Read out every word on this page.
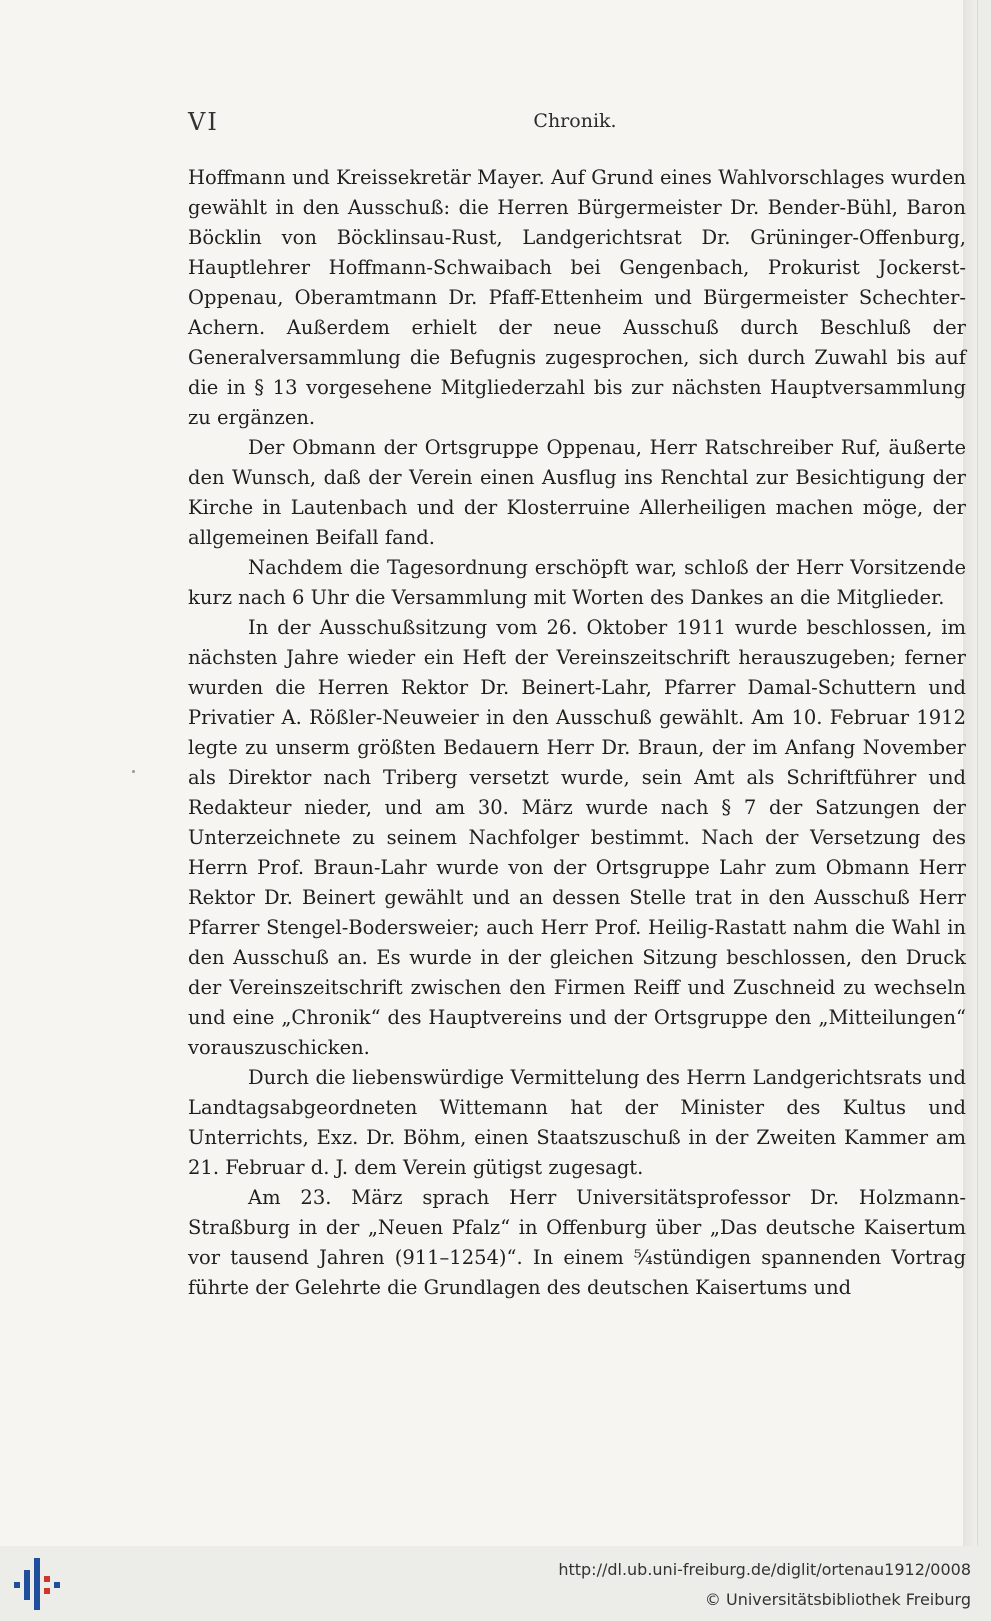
VI	Chronik.

Hoffmann und Kreissekretär Mayer. Auf Grund eines Wahlvorschlages wurden gewählt in den Ausschuß: die Herren Bürgermeister Dr. Bender-Bühl, Baron Böcklin von Böcklinsau-Rust, Landgerichtsrat Dr. Grüninger-Offenburg, Hauptlehrer Hoffmann-Schwaibach bei Gengenbach, Prokurist Jockerst-Oppenau, Oberamtmann Dr. Pfaff-Ettenheim und Bürgermeister Schechter-Achern. Außerdem erhielt der neue Ausschuß durch Beschluß der Generalversammlung die Befugnis zugesprochen, sich durch Zuwahl bis auf die in § 13 vorgesehene Mitgliederzahl bis zur nächsten Hauptversammlung zu ergänzen.

Der Obmann der Ortsgruppe Oppenau, Herr Ratschreiber Ruf, äußerte den Wunsch, daß der Verein einen Ausflug ins Renchtal zur Besichtigung der Kirche in Lautenbach und der Klosterruine Allerheiligen machen möge, der allgemeinen Beifall fand.

Nachdem die Tagesordnung erschöpft war, schloß der Herr Vorsitzende kurz nach 6 Uhr die Versammlung mit Worten des Dankes an die Mitglieder.

In der Ausschußsitzung vom 26. Oktober 1911 wurde beschlossen, im nächsten Jahre wieder ein Heft der Vereinszeitschrift herauszugeben; ferner wurden die Herren Rektor Dr. Beinert-Lahr, Pfarrer Damal-Schuttern und Privatier A. Rößler-Neuweier in den Ausschuß gewählt. Am 10. Februar 1912 legte zu unserm größten Bedauern Herr Dr. Braun, der im Anfang November als Direktor nach Triberg versetzt wurde, sein Amt als Schriftführer und Redakteur nieder, und am 30. März wurde nach § 7 der Satzungen der Unterzeichnete zu seinem Nachfolger bestimmt. Nach der Versetzung des Herrn Prof. Braun-Lahr wurde von der Ortsgruppe Lahr zum Obmann Herr Rektor Dr. Beinert gewählt und an dessen Stelle trat in den Ausschuß Herr Pfarrer Stengel-Bodersweier; auch Herr Prof. Heilig-Rastatt nahm die Wahl in den Ausschuß an. Es wurde in der gleichen Sitzung beschlossen, den Druck der Vereinszeitschrift zwischen den Firmen Reiff und Zuschneid zu wechseln und eine „Chronik“ des Hauptvereins und der Ortsgruppe den „Mitteilungen“ vorauszuschicken.

Durch die liebenswürdige Vermittelung des Herrn Landgerichtsrats und Landtagsabgeordneten Wittemann hat der Minister des Kultus und Unterrichts, Exz. Dr. Böhm, einen Staatszuschuß in der Zweiten Kammer am 21. Februar d. J. dem Verein gütigst zugesagt.

Am 23. März sprach Herr Universitätsprofessor Dr. Holzmann-Straßburg in der „Neuen Pfalz“ in Offenburg über „Das deutsche Kaisertum vor tausend Jahren (911–1254)“. In einem ⁵⁄₄stündigen spannenden Vortrag führte der Gelehrte die Grundlagen des deutschen Kaisertums und

http://dl.ub.uni-freiburg.de/diglit/ortenau1912/0008
© Universitätsbibliothek Freiburg
